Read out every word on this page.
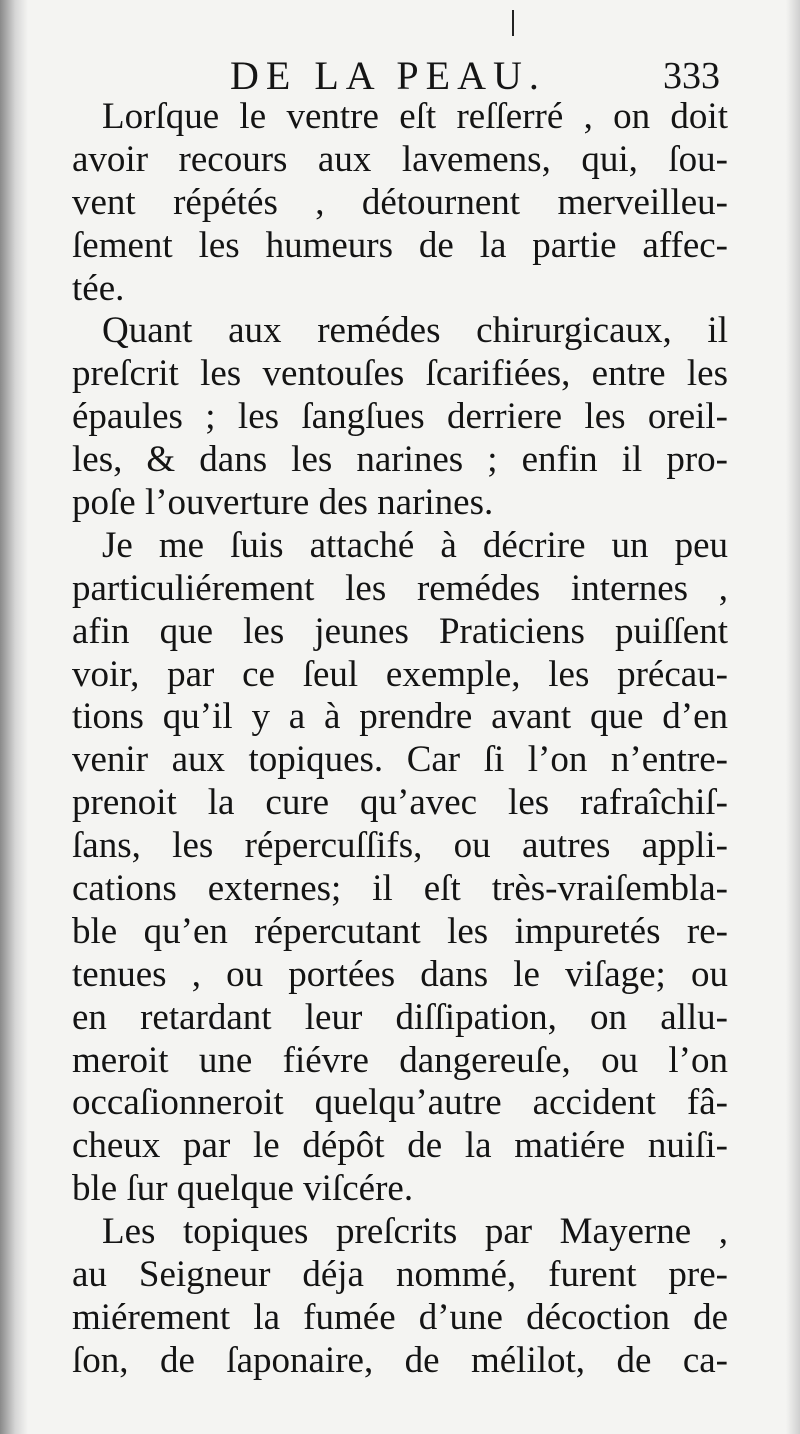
DE LA PEAU.	333
Lorſque le ventre eſt reſſerré , on doit
avoir recours aux lavemens, qui, ſou-
vent répétés , détournent merveilleu-
ſement les humeurs de la partie affec-
tée.
Quant aux remédes chirurgicaux, il
preſcrit les ventouſes ſcarifiées, entre les
épaules ; les ſangſues derriere les oreil-
les, & dans les narines ; enfin il pro-
poſe l’ouverture des narines.
Je me ſuis attaché à décrire un peu
particuliérement les remédes internes ,
afin que les jeunes Praticiens puiſſent
voir, par ce ſeul exemple, les précau-
tions qu’il y a à prendre avant que d’en
venir aux topiques. Car ſi l’on n’entre-
prenoit la cure qu’avec les rafraîchiſ-
ſans, les répercuſſifs, ou autres appli-
cations externes; il eſt très-vraiſembla-
ble qu’en répercutant les impuretés re-
tenues , ou portées dans le viſage; ou
en retardant leur diſſipation, on allu-
meroit une fiévre dangereuſe, ou l’on
occaſionneroit quelqu’autre accident fâ-
cheux par le dépôt de la matiére nuiſi-
ble ſur quelque viſcére.
Les topiques preſcrits par Mayerne ,
au Seigneur déja nommé, furent pre-
miérement la fumée d’une décoction de
ſon, de ſaponaire, de mélilot, de ca-
